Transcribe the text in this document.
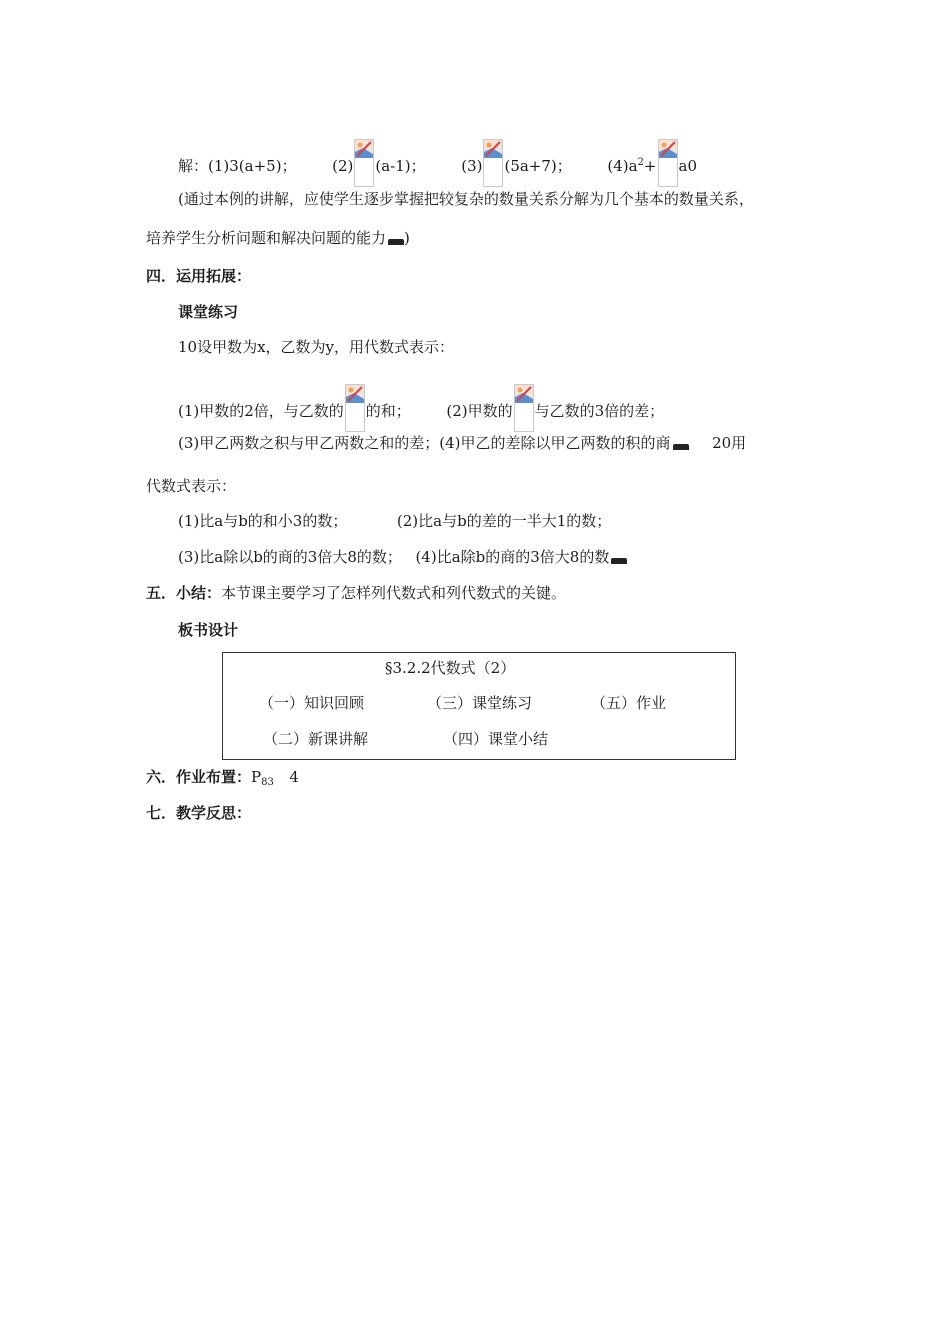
解：(1)3(a+5)； (2) (a-1)； (3) (5a+7)； $(4)a^2+ a0$
(通过本例的讲解，应使学生逐步掌握把较复杂的数量关系分解为几个基本的数量关系，
培养学生分析问题和解决问题的能力 )
四．运用拓展：
课堂练习
10设甲数为x，乙数为y，用代数式表示：
(1)甲数的2倍，与乙数的 的和； (2)甲数的 与乙数的3倍的差；
(3)甲乙两数之积与甲乙两数之和的差；(4)甲乙的差除以甲乙两数的积的商	20用
代数式表示：
(1)比a与b的和小3的数；	(2)比a与b的差的一半大1的数；
(3)比a除以b的商的3倍大8的数； (4)比a除b的商的3倍大8的数
五．小结：本节课主要学习了怎样列代数式和列代数式的关键。
板书设计
§3.2.2代数式（2）
（一）知识回顾	（三）课堂练习	（五）作业
（二）新课讲解	（四）课堂小结
六．作业布置：$P_{83}$ 4
七．教学反思：
